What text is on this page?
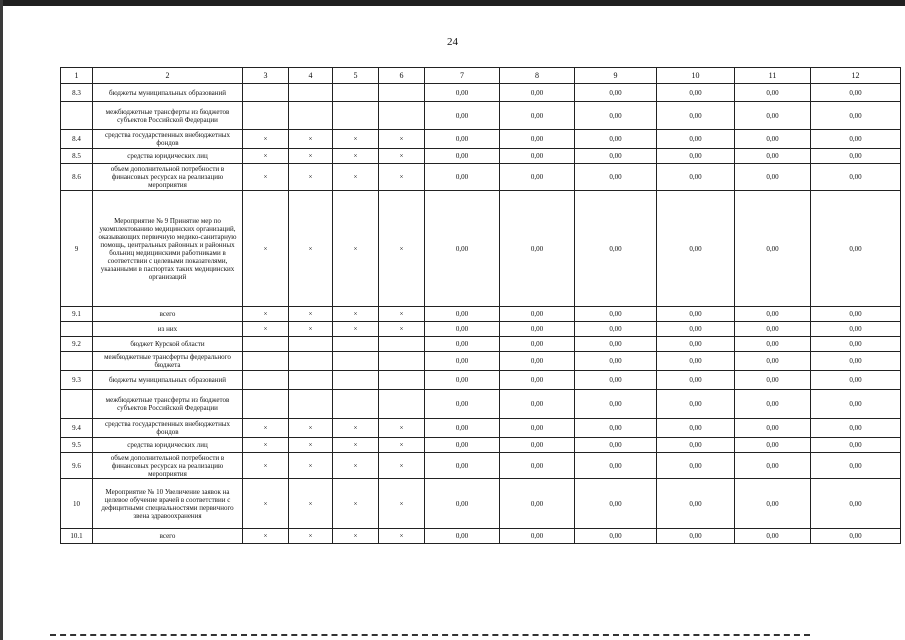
24
1	2	3	4	5	6	7	8	9	10	11	12
8.3	бюджеты муниципальных образований					0,00	0,00	0,00	0,00	0,00	0,00
	межбюджетные трансферты из бюджетов субъектов Российской Федерации					0,00	0,00	0,00	0,00	0,00	0,00
8.4	средства государственных внебюджетных фондов	×	×	×	×	0,00	0,00	0,00	0,00	0,00	0,00
8.5	средства юридических лиц	×	×	×	×	0,00	0,00	0,00	0,00	0,00	0,00
8.6	объем дополнительной потребности в финансовых ресурсах на реализацию мероприятия	×	×	×	×	0,00	0,00	0,00	0,00	0,00	0,00
9	Мероприятие № 9 Принятие мер по укомплектованию медицинских организаций, оказывающих первичную медико-санитарную помощь, центральных районных и районных больниц медицинскими работниками в соответствии с целевыми показателями, указанными в паспортах таких медицинских организаций	×	×	×	×	0,00	0,00	0,00	0,00	0,00	0,00
9.1	всего	×	×	×	×	0,00	0,00	0,00	0,00	0,00	0,00
	из них	×	×	×	×	0,00	0,00	0,00	0,00	0,00	0,00
9.2	бюджет Курской области					0,00	0,00	0,00	0,00	0,00	0,00
	межбюджетные трансферты федерального бюджета					0,00	0,00	0,00	0,00	0,00	0,00
9.3	бюджеты муниципальных образований					0,00	0,00	0,00	0,00	0,00	0,00
	межбюджетные трансферты из бюджетов субъектов Российской Федерации					0,00	0,00	0,00	0,00	0,00	0,00
9.4	средства государственных внебюджетных фондов	×	×	×	×	0,00	0,00	0,00	0,00	0,00	0,00
9.5	средства юридических лиц	×	×	×	×	0,00	0,00	0,00	0,00	0,00	0,00
9.6	объем дополнительной потребности в финансовых ресурсах на реализацию мероприятия	×	×	×	×	0,00	0,00	0,00	0,00	0,00	0,00
10	Мероприятие № 10 Увеличение заявок на целевое обучение врачей в соответствии с дефицитными специальностями первичного звена здравоохранения	×	×	×	×	0,00	0,00	0,00	0,00	0,00	0,00
10.1	всего	×	×	×	×	0,00	0,00	0,00	0,00	0,00	0,00
